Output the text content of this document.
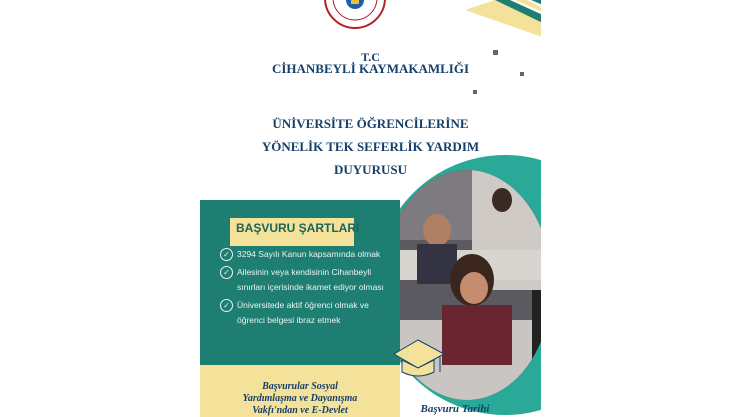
T.C
CİHANBEYLİ KAYMAKAMLIĞI
ÜNİVERSİTE ÖĞRENCİLERİNE
YÖNELİK TEK SEFERLİK YARDIM
DUYURUSU
BAŞVURU ŞARTLARI
✓ 3294 Sayılı Kanun kapsamında olmak
✓ Ailesinin veya kendisinin Cihanbeyli sınırları içerisinde ikamet ediyor olması
✓ Üniversitede aktif öğrenci olmak ve öğrenci belgesi ibraz etmek
Başvurular Sosyal
Yardımlaşma ve Dayanışma
Vakfı'ndan ve E-Devlet	Başvuru Tarihi
